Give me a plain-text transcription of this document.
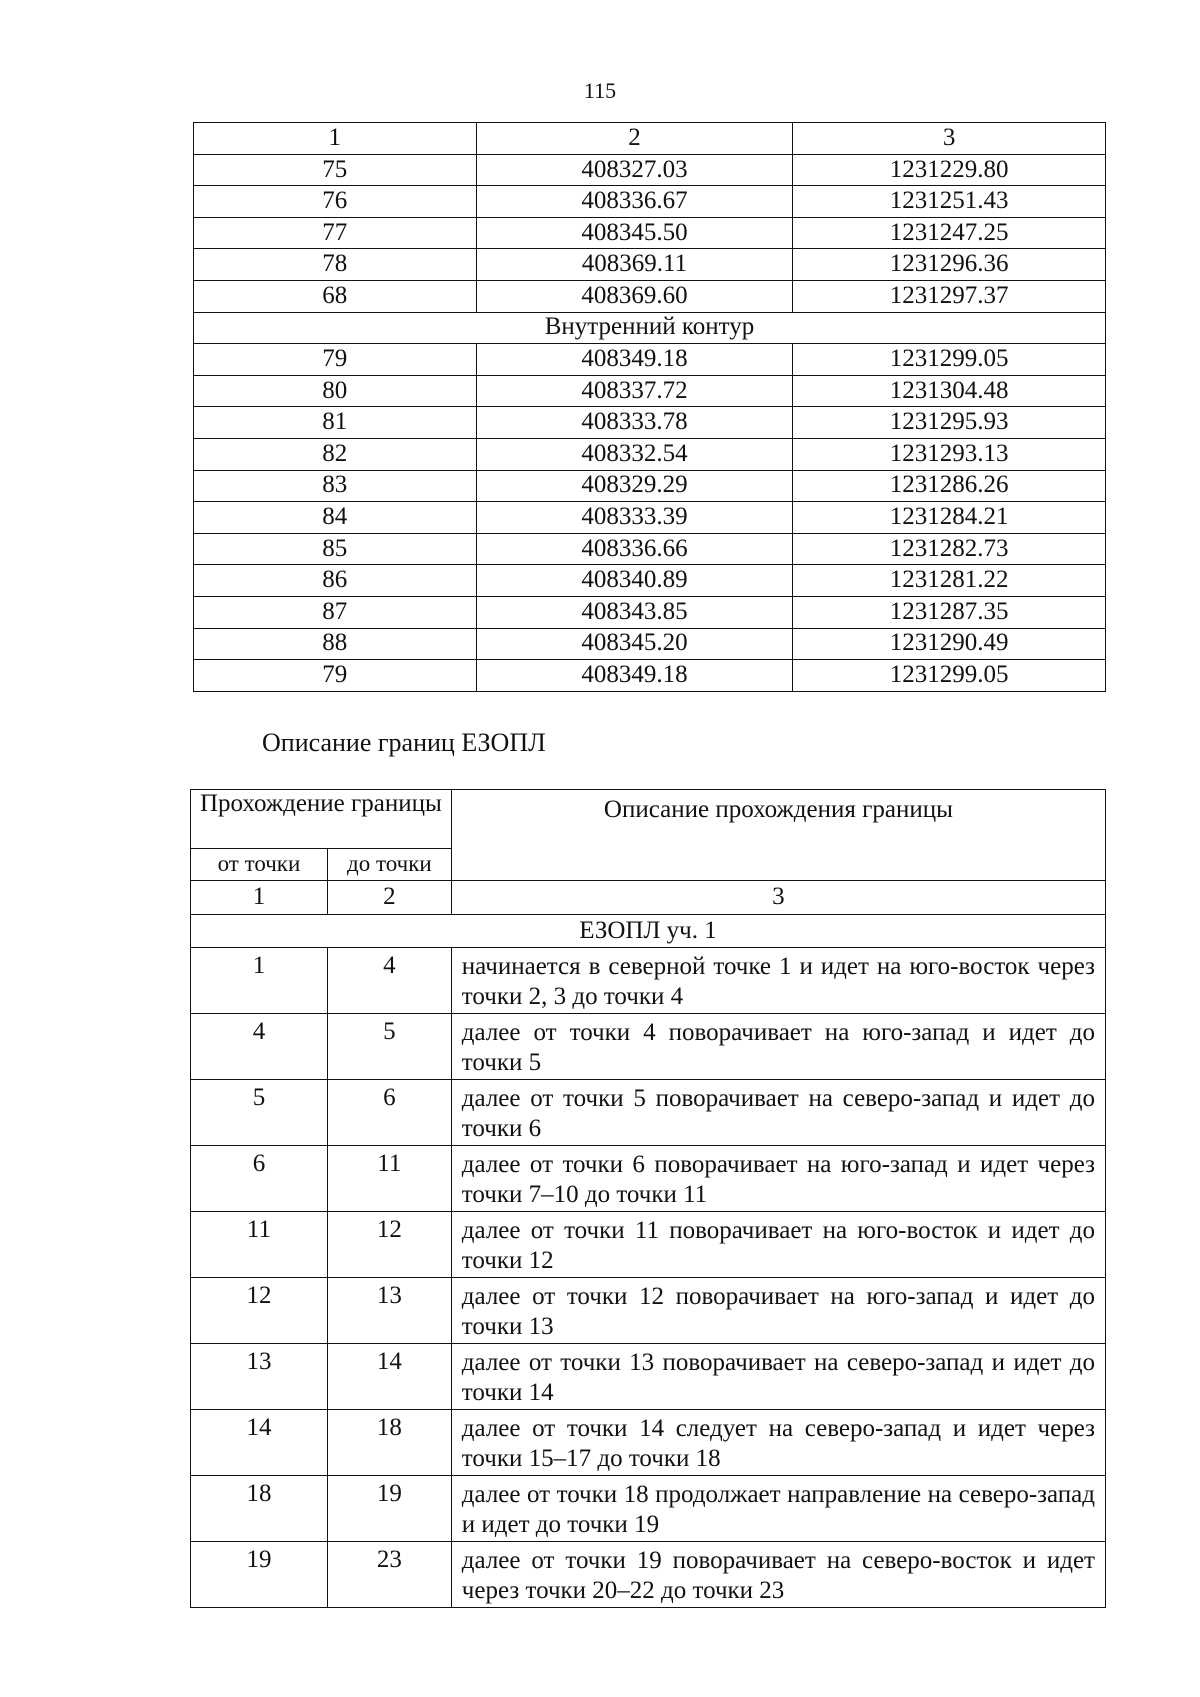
115
1	2	3
75	408327.03	1231229.80
76	408336.67	1231251.43
77	408345.50	1231247.25
78	408369.11	1231296.36
68	408369.60	1231297.37
Внутренний контур		
79	408349.18	1231299.05
80	408337.72	1231304.48
81	408333.78	1231295.93
82	408332.54	1231293.13
83	408329.29	1231286.26
84	408333.39	1231284.21
85	408336.66	1231282.73
86	408340.89	1231281.22
87	408343.85	1231287.35
88	408345.20	1231290.49
79	408349.18	1231299.05
Описание границ ЕЗОПЛ
Прохождение границы		Описание прохождения границы
от точки	до точки	
1	2	3
ЕЗОПЛ уч. 1		
1	4	начинается в северной точке 1 и идет на юго-восток через точки 2, 3 до точки 4
4	5	далее от точки 4 поворачивает на юго-запад и идет до точки 5
5	6	далее от точки 5 поворачивает на северо-запад и идет до точки 6
6	11	далее от точки 6 поворачивает на юго-запад и идет через точки 7–10 до точки 11
11	12	далее от точки 11 поворачивает на юго-восток и идет до точки 12
12	13	далее от точки 12 поворачивает на юго-запад и идет до точки 13
13	14	далее от точки 13 поворачивает на северо-запад и идет до точки 14
14	18	далее от точки 14 следует на северо-запад и идет через точки 15–17 до точки 18
18	19	далее от точки 18 продолжает направление на северо-запад и идет до точки 19
19	23	далее от точки 19 поворачивает на северо-восток и идет через точки 20–22 до точки 23
